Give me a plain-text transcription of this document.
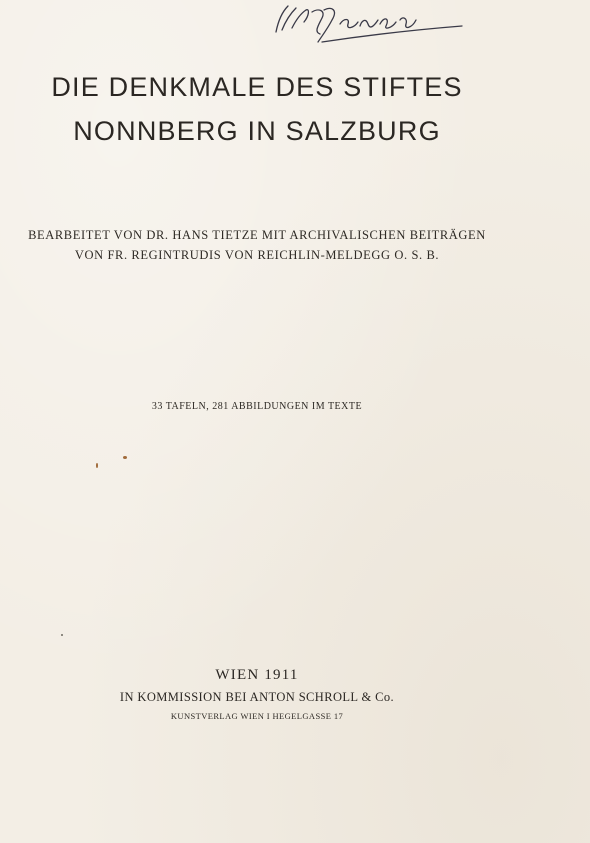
DIE DENKMALE DES STIFTES
NONNBERG IN SALZBURG

BEARBEITET VON DR. HANS TIETZE MIT ARCHIVALISCHEN BEITRÄGEN

VON FR. REGINTRUDIS VON REICHLIN-MELDEGG O. S. B.

33 TAFELN, 281 ABBILDUNGEN IM TEXTE

WIEN 1911

IN KOMMISSION BEI ANTON SCHROLL & Co.

KUNSTVERLAG WIEN I HEGELGASSE 17
